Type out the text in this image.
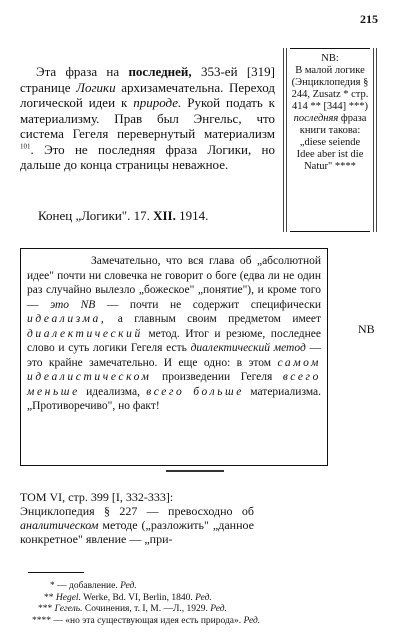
215

Эта фраза на последней, 353-ей [319] странице Логики архизамечательна. Переход логической идеи к природе. Рукой подать к материализму. Прав был Энгельс, что система Гегеля перевернутый материализм $^{101}$. Это не последняя фраза Логики, но дальше до конца страницы неважное.

Конец „Логики". 17. XII. 1914.
NB:
В малой логике (Энциклопедия § 244, Zusatz * стр. 414 ** [344] ***) последняя фраза книги такова: „diese seiende Idee aber ist die Natur" ****

Замечательно, что вся глава об „абсолютной идее" почти ни словечка не говорит о боге (едва ли не один раз случайно вылезло „божеское" „понятие"), и кроме того — это NB — почти не содержит специфически идеализма, а главным своим предметом имеет диалектический метод. Итог и резюме, последнее слово и суть логики Гегеля есть диалектический метод — это крайне замечательно. И еще одно: в этом самом идеалистическом произведении Гегеля всего меньше идеализма, всего больше материализма. „Противоречиво", но факт!

NB
ТОМ VI, стр. 399 [I, 332-333]:
Энциклопедия § 227 — превосходно об аналитическом методе („разложить" „данное конкретное" явление — „при-
* — добавление. Ред.
** Hegel. Werke, Bd. VI, Berlin, 1840. Ред.
*** Гегель. Сочинения, т. I, М. —Л., 1929. Ред.
**** — «но эта существующая идея есть природа». Ред.
